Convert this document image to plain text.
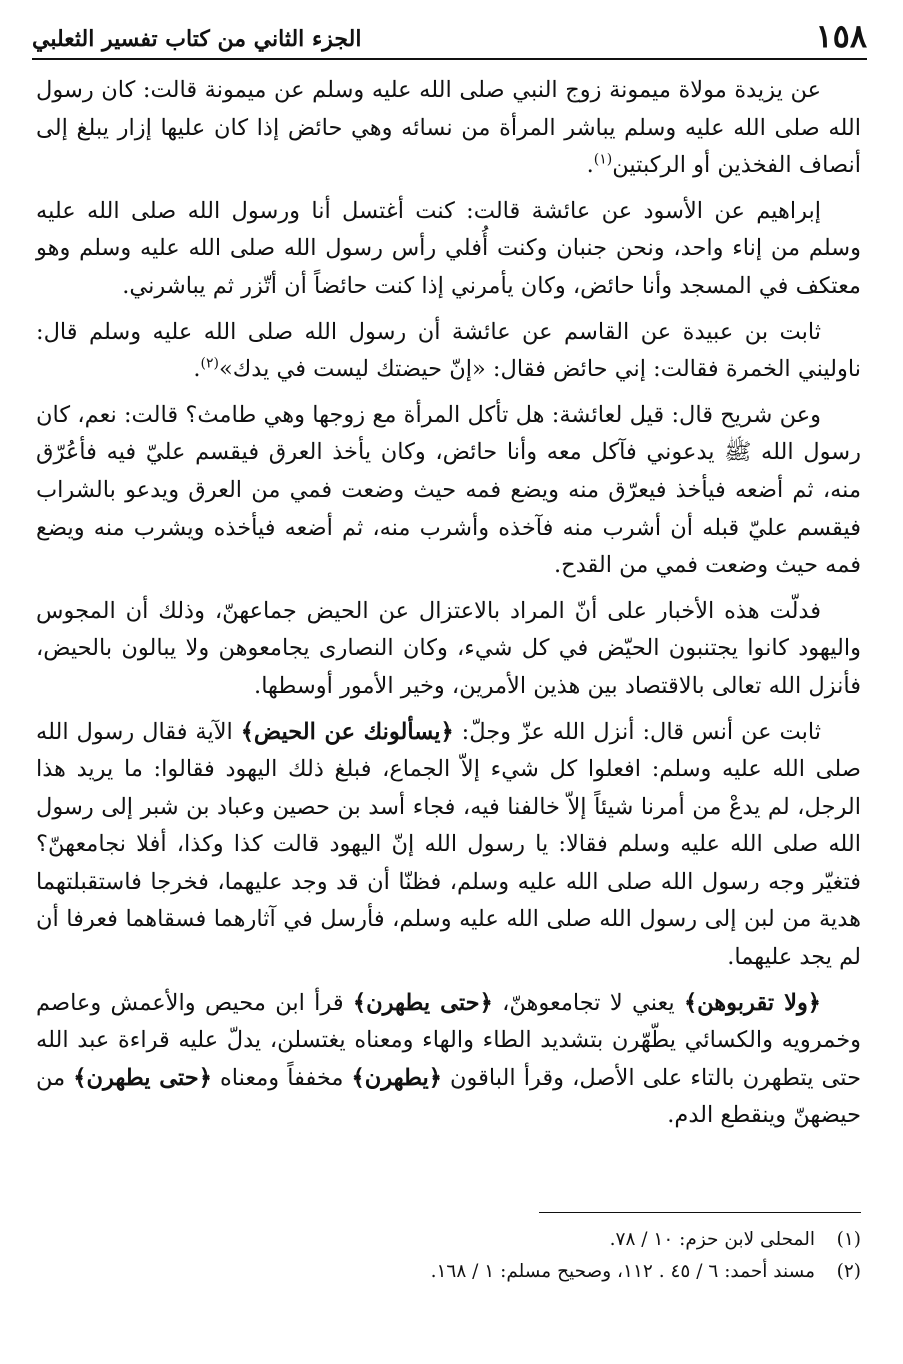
١٥٨
الجزء الثاني من كتاب تفسير الثعلبي

عن يزيدة مولاة ميمونة زوج النبي صلى الله عليه وسلم عن ميمونة قالت: كان رسول الله صلى الله عليه وسلم يباشر المرأة من نسائه وهي حائض إذا كان عليها إزار يبلغ إلى أنصاف الفخذين أو الركبتين$^{(١)}$.

إبراهيم عن الأسود عن عائشة قالت: كنت أغتسل أنا ورسول الله صلى الله عليه وسلم من إناء واحد، ونحن جنبان وكنت أُفلي رأس رسول الله صلى الله عليه وسلم وهو معتكف في المسجد وأنا حائض، وكان يأمرني إذا كنت حائضاً أن أتّزر ثم يباشرني.

ثابت بن عبيدة عن القاسم عن عائشة أن رسول الله صلى الله عليه وسلم قال: ناوليني الخمرة فقالت: إني حائض فقال: «إنّ حيضتك ليست في يدك»$^{(٢)}$.

وعن شريح قال: قيل لعائشة: هل تأكل المرأة مع زوجها وهي طامث؟ قالت: نعم، كان رسول الله ﷺ يدعوني فآكل معه وأنا حائض، وكان يأخذ العرق فيقسم عليّ فيه فأعُرّق منه، ثم أضعه فيأخذ فيعرّق منه ويضع فمه حيث وضعت فمي من العرق ويدعو بالشراب فيقسم عليّ قبله أن أشرب منه فآخذه وأشرب منه، ثم أضعه فيأخذه ويشرب منه ويضع فمه حيث وضعت فمي من القدح.

فدلّت هذه الأخبار على أنّ المراد بالاعتزال عن الحيض جماعهنّ، وذلك أن المجوس واليهود كانوا يجتنبون الحيّض في كل شيء، وكان النصارى يجامعوهن ولا يبالون بالحيض، فأنزل الله تعالى بالاقتصاد بين هذين الأمرين، وخير الأمور أوسطها.

ثابت عن أنس قال: أنزل الله عزّ وجلّ: ﴿يسألونك عن الحيض﴾ الآية فقال رسول الله صلى الله عليه وسلم: افعلوا كل شيء إلاّ الجماع، فبلغ ذلك اليهود فقالوا: ما يريد هذا الرجل، لم يدعْ من أمرنا شيئاً إلاّ خالفنا فيه، فجاء أسد بن حصين وعباد بن شبر إلى رسول الله صلى الله عليه وسلم فقالا: يا رسول الله إنّ اليهود قالت كذا وكذا، أفلا نجامعهنّ؟ فتغيّر وجه رسول الله صلى الله عليه وسلم، فظنّا أن قد وجد عليهما، فخرجا فاستقبلتهما هدية من لبن إلى رسول الله صلى الله عليه وسلم، فأرسل في آثارهما فسقاهما فعرفا أن لم يجد عليهما.

﴿ولا تقربوهن﴾ يعني لا تجامعوهنّ، ﴿حتى يطهرن﴾ قرأ ابن محيص والأعمش وعاصم وخمرويه والكسائي يطّهّرن بتشديد الطاء والهاء ومعناه يغتسلن، يدلّ عليه قراءة عبد الله حتى يتطهرن بالتاء على الأصل، وقرأ الباقون ﴿يطهرن﴾ مخففاً ومعناه ﴿حتى يطهرن﴾ من حيضهنّ وينقطع الدم.

(١)
المحلى لابن حزم: ١٠ / ٧٨.
(٢)
مسند أحمد: ٦ / ٤٥ . ١١٢، وصحيح مسلم: ١ / ١٦٨.
